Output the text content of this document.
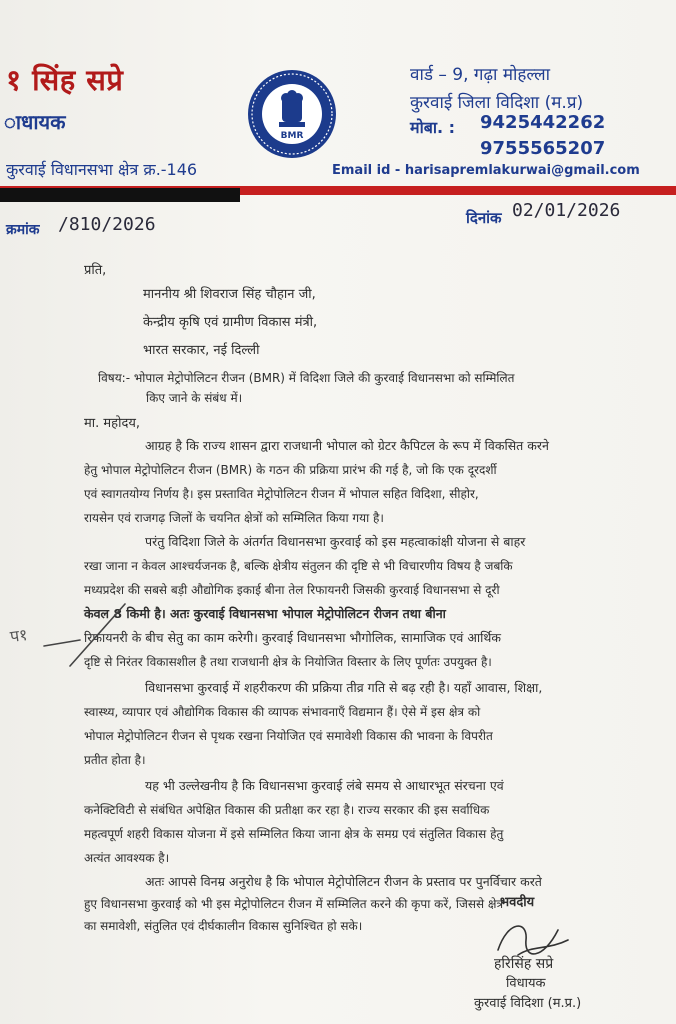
१ सिंह सप्रे
ाधायक
कुरवाई विधानसभा क्षेत्र क्र.-146
BMR
वार्ड – 9, गढ़ा मोहल्ला
कुरवाई जिला विदिशा (म.प्र)
मोबा. : 9425442262
9755565207
Email id - harisapremlakurwai@gmail.com
क्रमांक /810/2026	दिनांक 02/01/2026
प्रति,
माननीय श्री शिवराज सिंह चौहान जी,
केन्द्रीय कृषि एवं ग्रामीण विकास मंत्री,
भारत सरकार, नई दिल्ली
विषय:- भोपाल मेट्रोपोलिटन रीजन (BMR) में विदिशा जिले की कुरवाई विधानसभा को सम्मिलित
किए जाने के संबंध में।
मा. महोदय,
आग्रह है कि राज्य शासन द्वारा राजधानी भोपाल को ग्रेटर कैपिटल के रूप में विकसित करने
हेतु भोपाल मेट्रोपोलिटन रीजन (BMR) के गठन की प्रक्रिया प्रारंभ की गई है, जो कि एक दूरदर्शी
एवं स्वागतयोग्य निर्णय है। इस प्रस्तावित मेट्रोपोलिटन रीजन में भोपाल सहित विदिशा, सीहोर,
रायसेन एवं राजगढ़ जिलों के चयनित क्षेत्रों को सम्मिलित किया गया है।
परंतु विदिशा जिले के अंतर्गत विधानसभा कुरवाई को इस महत्वाकांक्षी योजना से बाहर
रखा जाना न केवल आश्चर्यजनक है, बल्कि क्षेत्रीय संतुलन की दृष्टि से भी विचारणीय विषय है जबकि
मध्यप्रदेश की सबसे बड़ी औद्योगिक इकाई बीना तेल रिफायनरी जिसकी कुरवाई विधानसभा से दूरी
केवल 8 किमी है। अतः कुरवाई विधानसभा भोपाल मेट्रोपोलिटन रीजन तथा बीना
रिफायनरी के बीच सेतु का काम करेगी। कुरवाई विधानसभा भौगोलिक, सामाजिक एवं आर्थिक
दृष्टि से निरंतर विकासशील है तथा राजधानी क्षेत्र के नियोजित विस्तार के लिए पूर्णतः उपयुक्त है।
विधानसभा कुरवाई में शहरीकरण की प्रक्रिया तीव्र गति से बढ़ रही है। यहाँ आवास, शिक्षा,
स्वास्थ्य, व्यापार एवं औद्योगिक विकास की व्यापक संभावनाएँ विद्यमान हैं। ऐसे में इस क्षेत्र को
भोपाल मेट्रोपोलिटन रीजन से पृथक रखना नियोजित एवं समावेशी विकास की भावना के विपरीत
प्रतीत होता है।
यह भी उल्लेखनीय है कि विधानसभा कुरवाई लंबे समय से आधारभूत संरचना एवं
कनेक्टिविटी से संबंधित अपेक्षित विकास की प्रतीक्षा कर रहा है। राज्य सरकार की इस सर्वाधिक
महत्वपूर्ण शहरी विकास योजना में इसे सम्मिलित किया जाना क्षेत्र के समग्र एवं संतुलित विकास हेतु
अत्यंत आवश्यक है।
अतः आपसे विनम्र अनुरोध है कि भोपाल मेट्रोपोलिटन रीजन के प्रस्ताव पर पुनर्विचार करते
हुए विधानसभा कुरवाई को भी इस मेट्रोपोलिटन रीजन में सम्मिलित करने की कृपा करें, जिससे क्षेत्र
का समावेशी, संतुलित एवं दीर्घकालीन विकास सुनिश्चित हो सके।
प१
भवदीय
हरिसिंह सप्रे
विधायक
कुरवाई विदिशा (म.प्र.)
